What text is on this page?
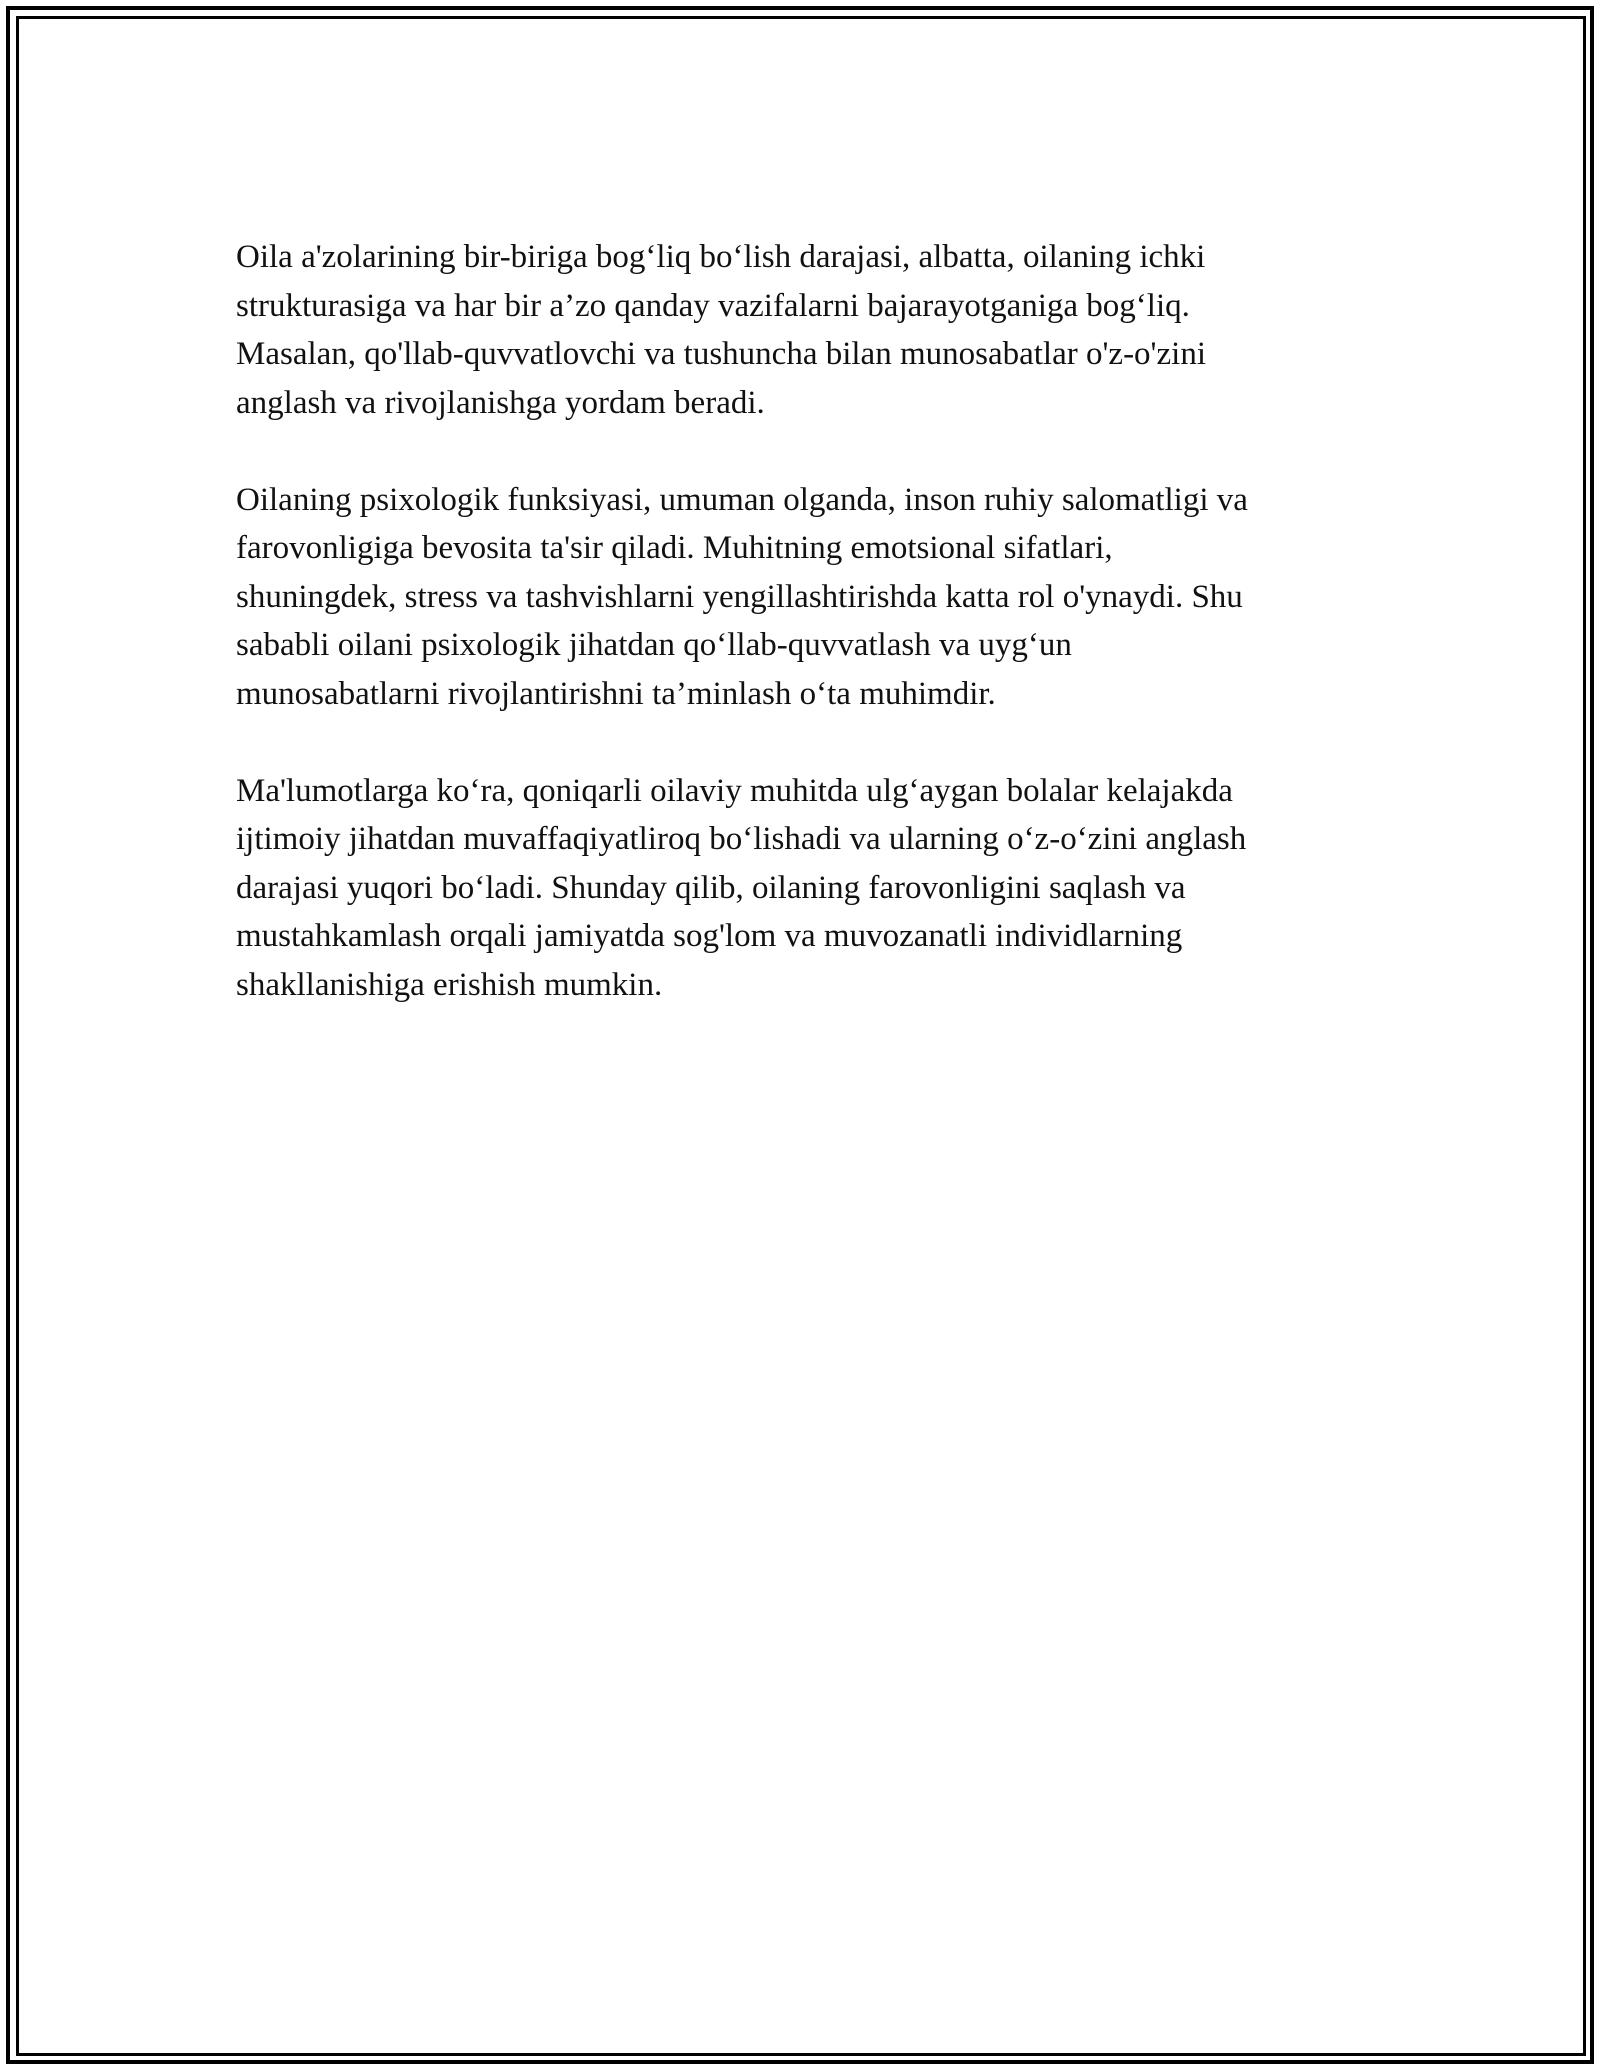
Oila a'zolarining bir-biriga bog‘liq bo‘lish darajasi, albatta, oilaning ichki
strukturasiga va har bir a’zo qanday vazifalarni bajarayotganiga bog‘liq.
Masalan, qo'llab-quvvatlovchi va tushuncha bilan munosabatlar o'z-o'zini
anglash va rivojlanishga yordam beradi.

Oilaning psixologik funksiyasi, umuman olganda, inson ruhiy salomatligi va
farovonligiga bevosita ta'sir qiladi. Muhitning emotsional sifatlari,
shuningdek, stress va tashvishlarni yengillashtirishda katta rol o'ynaydi. Shu
sababli oilani psixologik jihatdan qo‘llab-quvvatlash va uyg‘un
munosabatlarni rivojlantirishni ta’minlash o‘ta muhimdir.

Ma'lumotlarga ko‘ra, qoniqarli oilaviy muhitda ulg‘aygan bolalar kelajakda
ijtimoiy jihatdan muvaffaqiyatliroq bo‘lishadi va ularning o‘z-o‘zini anglash
darajasi yuqori bo‘ladi. Shunday qilib, oilaning farovonligini saqlash va
mustahkamlash orqali jamiyatda sog'lom va muvozanatli individlarning
shakllanishiga erishish mumkin.
